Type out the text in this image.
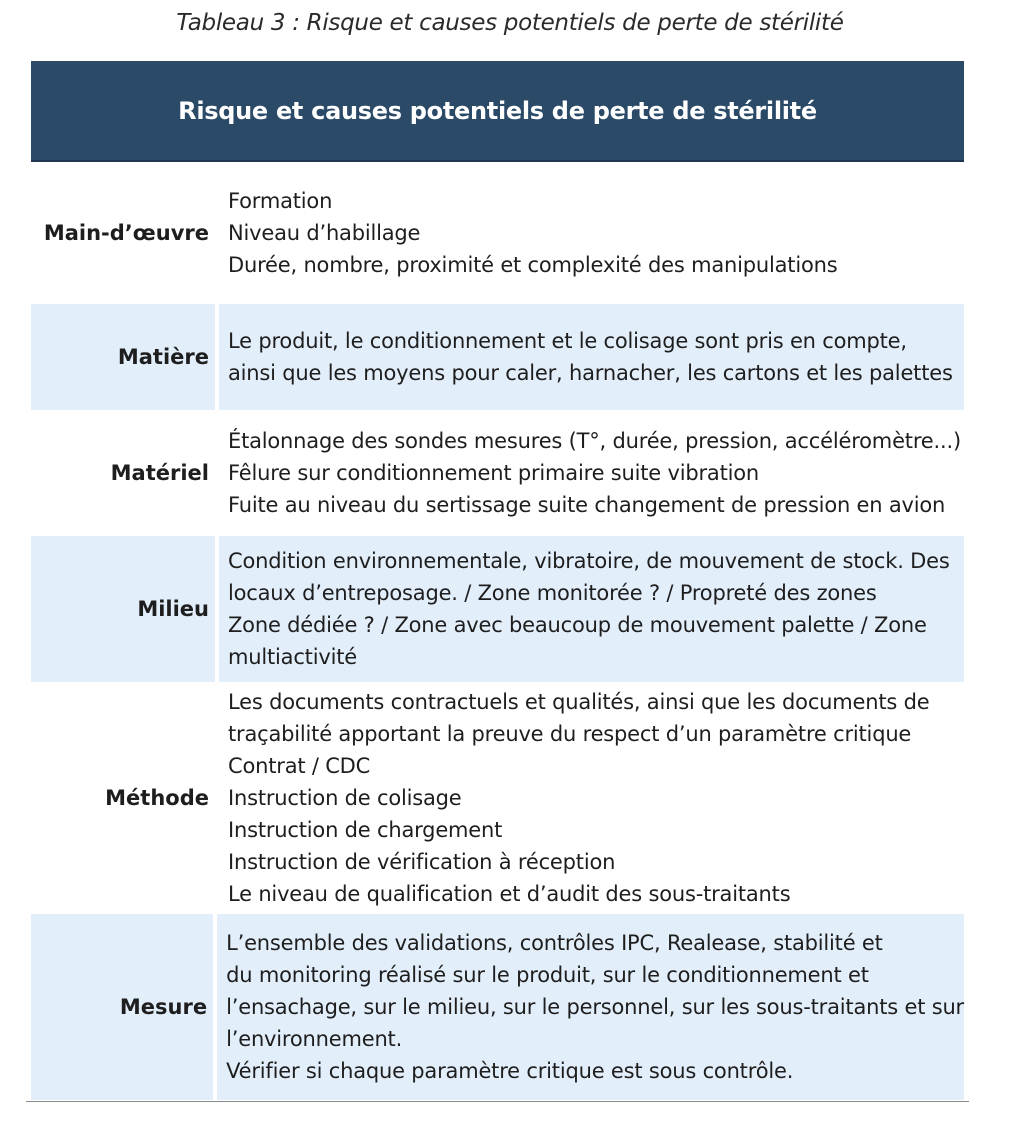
Tableau 3 : Risque et causes potentiels de perte de stérilité
Risque et causes potentiels de perte de stérilité
Main-d’œuvre
Formation
Niveau d’habillage
Durée, nombre, proximité et complexité des manipulations
Matière
Le produit, le conditionnement et le colisage sont pris en compte,
ainsi que les moyens pour caler, harnacher, les cartons et les palettes
Matériel
Étalonnage des sondes mesures (T°, durée, pression, accéléromètre...)
Fêlure sur conditionnement primaire suite vibration
Fuite au niveau du sertissage suite changement de pression en avion
Milieu
Condition environnementale, vibratoire, de mouvement de stock. Des
locaux d’entreposage. / Zone monitorée ? / Propreté des zones
Zone dédiée ? / Zone avec beaucoup de mouvement palette / Zone
multiactivité
Méthode
Les documents contractuels et qualités, ainsi que les documents de
traçabilité apportant la preuve du respect d’un paramètre critique
Contrat / CDC
Instruction de colisage
Instruction de chargement
Instruction de vérification à réception
Le niveau de qualification et d’audit des sous-traitants
Mesure
L’ensemble des validations, contrôles IPC, Realease, stabilité et
du monitoring réalisé sur le produit, sur le conditionnement et
l’ensachage, sur le milieu, sur le personnel, sur les sous-traitants et sur
l’environnement.
Vérifier si chaque paramètre critique est sous contrôle.
